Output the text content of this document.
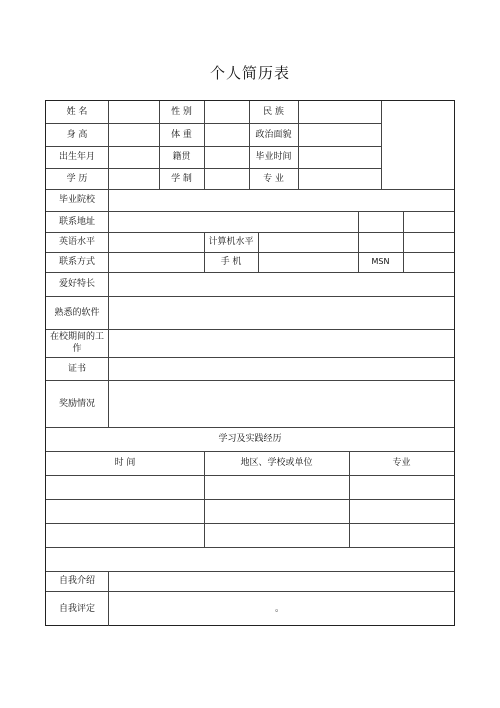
个人简历表
姓 名	性 别	民 族
身 高	体 重	政治面貌
出生年月	籍贯	毕业时间
学 历	学 制	专 业
毕业院校
联系地址
英语水平	计算机水平
联系方式	手 机	MSN
爱好特长
熟悉的软件
在校期间的工作
证书
奖励情况
学习及实践经历
时 间	地区、学校或单位	专业
自我介绍
自我评定	。
